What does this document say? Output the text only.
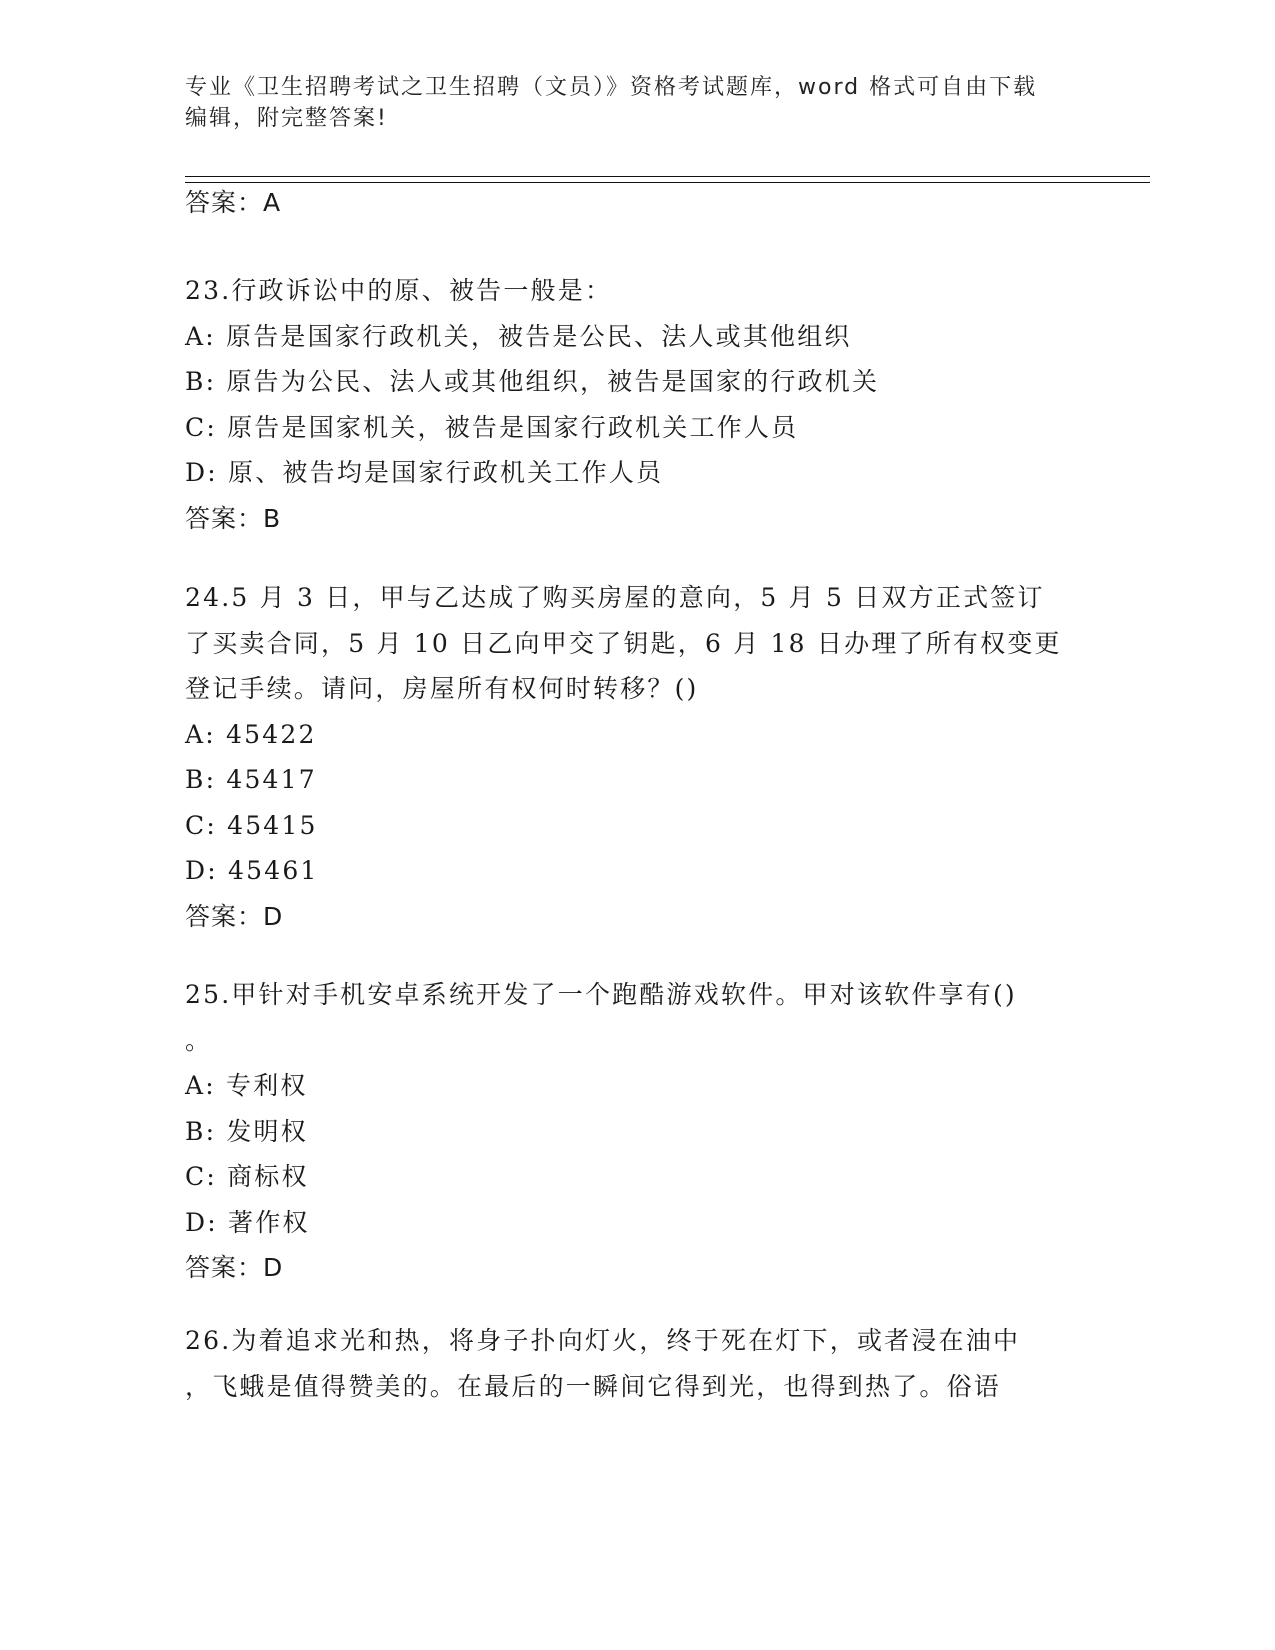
专业《卫生招聘考试之卫生招聘（文员）》资格考试题库，word 格式可自由下载
编辑，附完整答案!
答案：A
23.行政诉讼中的原、被告一般是：
A: 原告是国家行政机关，被告是公民、法人或其他组织
B: 原告为公民、法人或其他组织，被告是国家的行政机关
C: 原告是国家机关，被告是国家行政机关工作人员
D: 原、被告均是国家行政机关工作人员
答案：B
24.5 月 3 日，甲与乙达成了购买房屋的意向，5 月 5 日双方正式签订
了买卖合同，5 月 10 日乙向甲交了钥匙，6 月 18 日办理了所有权变更
登记手续。请问，房屋所有权何时转移？()
A: 45422
B: 45417
C: 45415
D: 45461
答案：D
25.甲针对手机安卓系统开发了一个跑酷游戏软件。甲对该软件享有()
。
A: 专利权
B: 发明权
C: 商标权
D: 著作权
答案：D
26.为着追求光和热，将身子扑向灯火，终于死在灯下，或者浸在油中
，飞蛾是值得赞美的。在最后的一瞬间它得到光，也得到热了。俗语
